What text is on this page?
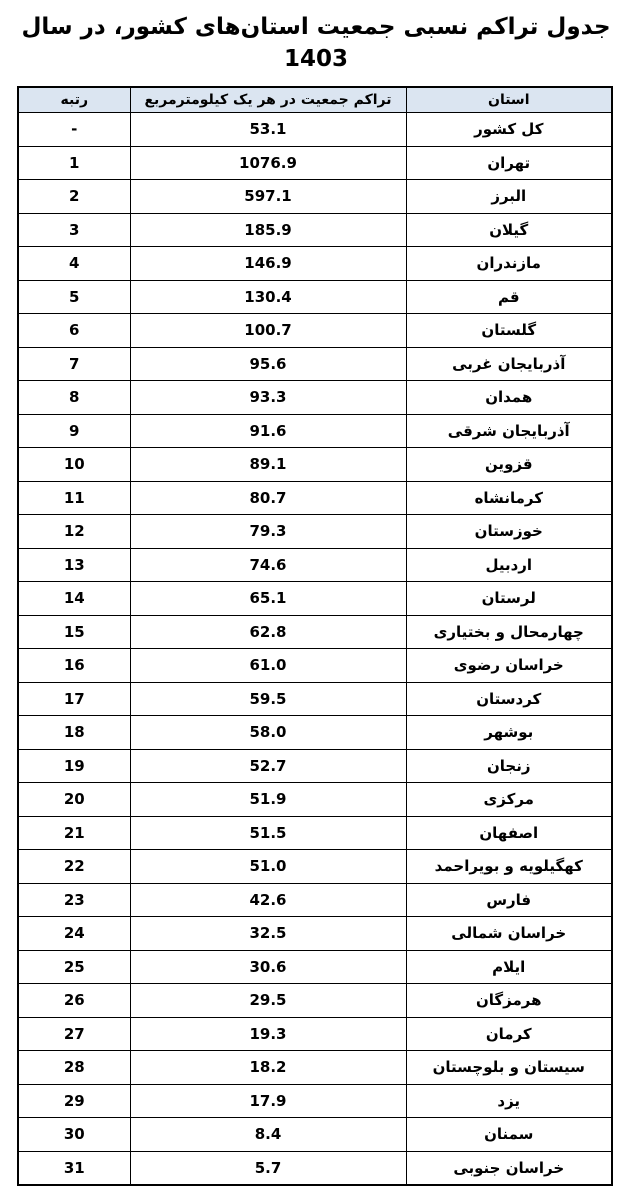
جدول تراکم نسبی جمعیت استان‌های کشور، در سال 1403
رتبه	تراکم جمعیت در هر یک کیلومترمربع	استان
-	53.1	کل کشور
1	1076.9	تهران
2	597.1	البرز
3	185.9	گیلان
4	146.9	مازندران
5	130.4	قم
6	100.7	گلستان
7	95.6	آذربایجان غربی
8	93.3	همدان
9	91.6	آذربایجان شرقی
10	89.1	قزوین
11	80.7	کرمانشاه
12	79.3	خوزستان
13	74.6	اردبیل
14	65.1	لرستان
15	62.8	چهارمحال و بختیاری
16	61.0	خراسان رضوی
17	59.5	کردستان
18	58.0	بوشهر
19	52.7	زنجان
20	51.9	مرکزی
21	51.5	اصفهان
22	51.0	کهگیلویه و بویراحمد
23	42.6	فارس
24	32.5	خراسان شمالی
25	30.6	ایلام
26	29.5	هرمزگان
27	19.3	کرمان
28	18.2	سیستان و بلوچستان
29	17.9	یزد
30	8.4	سمنان
31	5.7	خراسان جنوبی
